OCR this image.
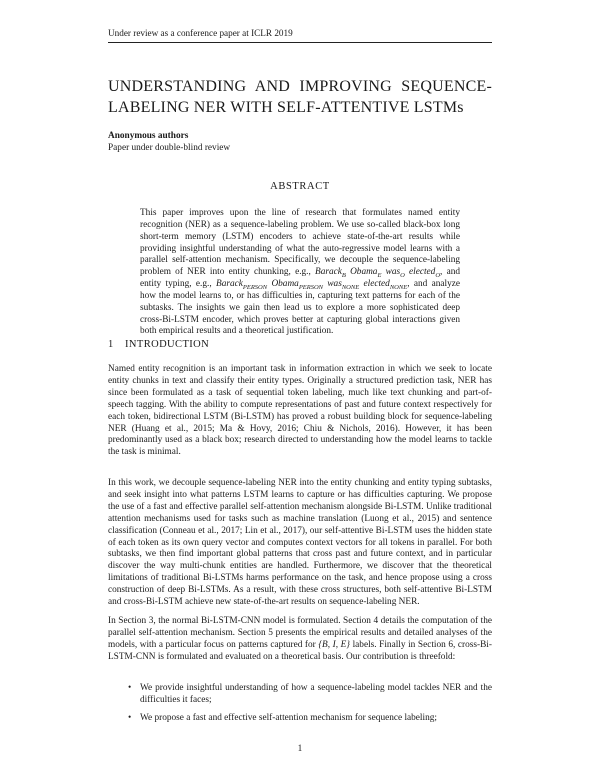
Under review as a conference paper at ICLR 2019
UNDERSTANDING AND IMPROVING SEQUENCE-
LABELING NER WITH SELF-ATTENTIVE LSTMs
Anonymous authors
Paper under double-blind review
ABSTRACT

This paper improves upon the line of research that formulates named entity recognition (NER) as a sequence-labeling problem. We use so-called black-box long short-term memory (LSTM) encoders to achieve state-of-the-art results while providing insightful understanding of what the auto-regressive model learns with a parallel self-attention mechanism. Specifically, we decouple the sequence-labeling problem of NER into entity chunking, e.g., Barack$_B$ Obama$_E$ was$_O$ elected$_O$, and entity typing, e.g., Barack$_{PERSON}$ Obama$_{PERSON}$ was$_{NONE}$ elected$_{NONE}$, and analyze how the model learns to, or has difficulties in, capturing text patterns for each of the subtasks. The insights we gain then lead us to explore a more sophisticated deep cross-Bi-LSTM encoder, which proves better at capturing global interactions given both empirical results and a theoretical justification.

1 INTRODUCTION

Named entity recognition is an important task in information extraction in which we seek to locate entity chunks in text and classify their entity types. Originally a structured prediction task, NER has since been formulated as a task of sequential token labeling, much like text chunking and part-of-speech tagging. With the ability to compute representations of past and future context respectively for each token, bidirectional LSTM (Bi-LSTM) has proved a robust building block for sequence-labeling NER (Huang et al., 2015; Ma & Hovy, 2016; Chiu & Nichols, 2016). However, it has been predominantly used as a black box; research directed to understanding how the model learns to tackle the task is minimal.

In this work, we decouple sequence-labeling NER into the entity chunking and entity typing subtasks, and seek insight into what patterns LSTM learns to capture or has difficulties capturing. We propose the use of a fast and effective parallel self-attention mechanism alongside Bi-LSTM. Unlike traditional attention mechanisms used for tasks such as machine translation (Luong et al., 2015) and sentence classification (Conneau et al., 2017; Lin et al., 2017), our self-attentive Bi-LSTM uses the hidden state of each token as its own query vector and computes context vectors for all tokens in parallel. For both subtasks, we then find important global patterns that cross past and future context, and in particular discover the way multi-chunk entities are handled. Furthermore, we discover that the theoretical limitations of traditional Bi-LSTMs harms performance on the task, and hence propose using a cross construction of deep Bi-LSTMs. As a result, with these cross structures, both self-attentive Bi-LSTM and cross-Bi-LSTM achieve new state-of-the-art results on sequence-labeling NER.

In Section 3, the normal Bi-LSTM-CNN model is formulated. Section 4 details the computation of the parallel self-attention mechanism. Section 5 presents the empirical results and detailed analyses of the models, with a particular focus on patterns captured for {B, I, E} labels. Finally in Section 6, cross-Bi-LSTM-CNN is formulated and evaluated on a theoretical basis. Our contribution is threefold:

• We provide insightful understanding of how a sequence-labeling model tackles NER and the difficulties it faces;
• We propose a fast and effective self-attention mechanism for sequence labeling;
1
